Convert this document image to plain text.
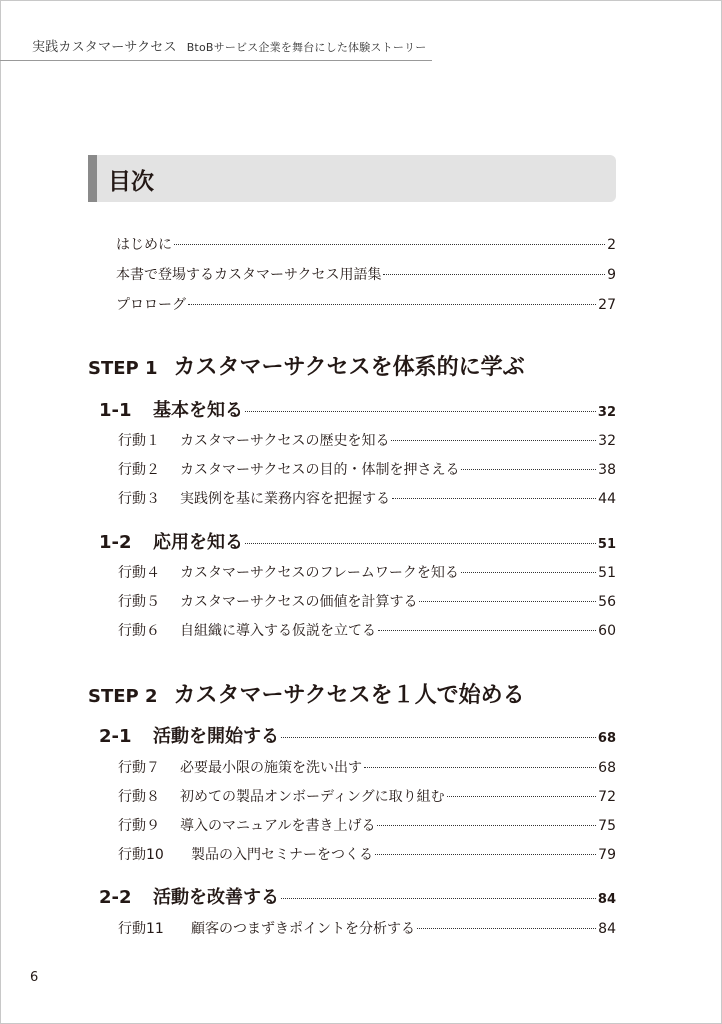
実践カスタマーサクセス BtoBサービス企業を舞台にした体験ストーリー
目次
はじめに	2
本書で登場するカスタマーサクセス用語集	9
プロローグ	27
STEP 1 カスタマーサクセスを体系的に学ぶ
1-1	基本を知る	32
行動１	カスタマーサクセスの歴史を知る	32
行動２	カスタマーサクセスの目的・体制を押さえる	38
行動３	実践例を基に業務内容を把握する	44
1-2	応用を知る	51
行動４	カスタマーサクセスのフレームワークを知る	51
行動５	カスタマーサクセスの価値を計算する	56
行動６	自組織に導入する仮説を立てる	60
STEP 2 カスタマーサクセスを１人で始める
2-1	活動を開始する	68
行動７	必要最小限の施策を洗い出す	68
行動８	初めての製品オンボーディングに取り組む	72
行動９	導入のマニュアルを書き上げる	75
行動10	製品の入門セミナーをつくる	79
2-2	活動を改善する	84
行動11	顧客のつまずきポイントを分析する	84
6
